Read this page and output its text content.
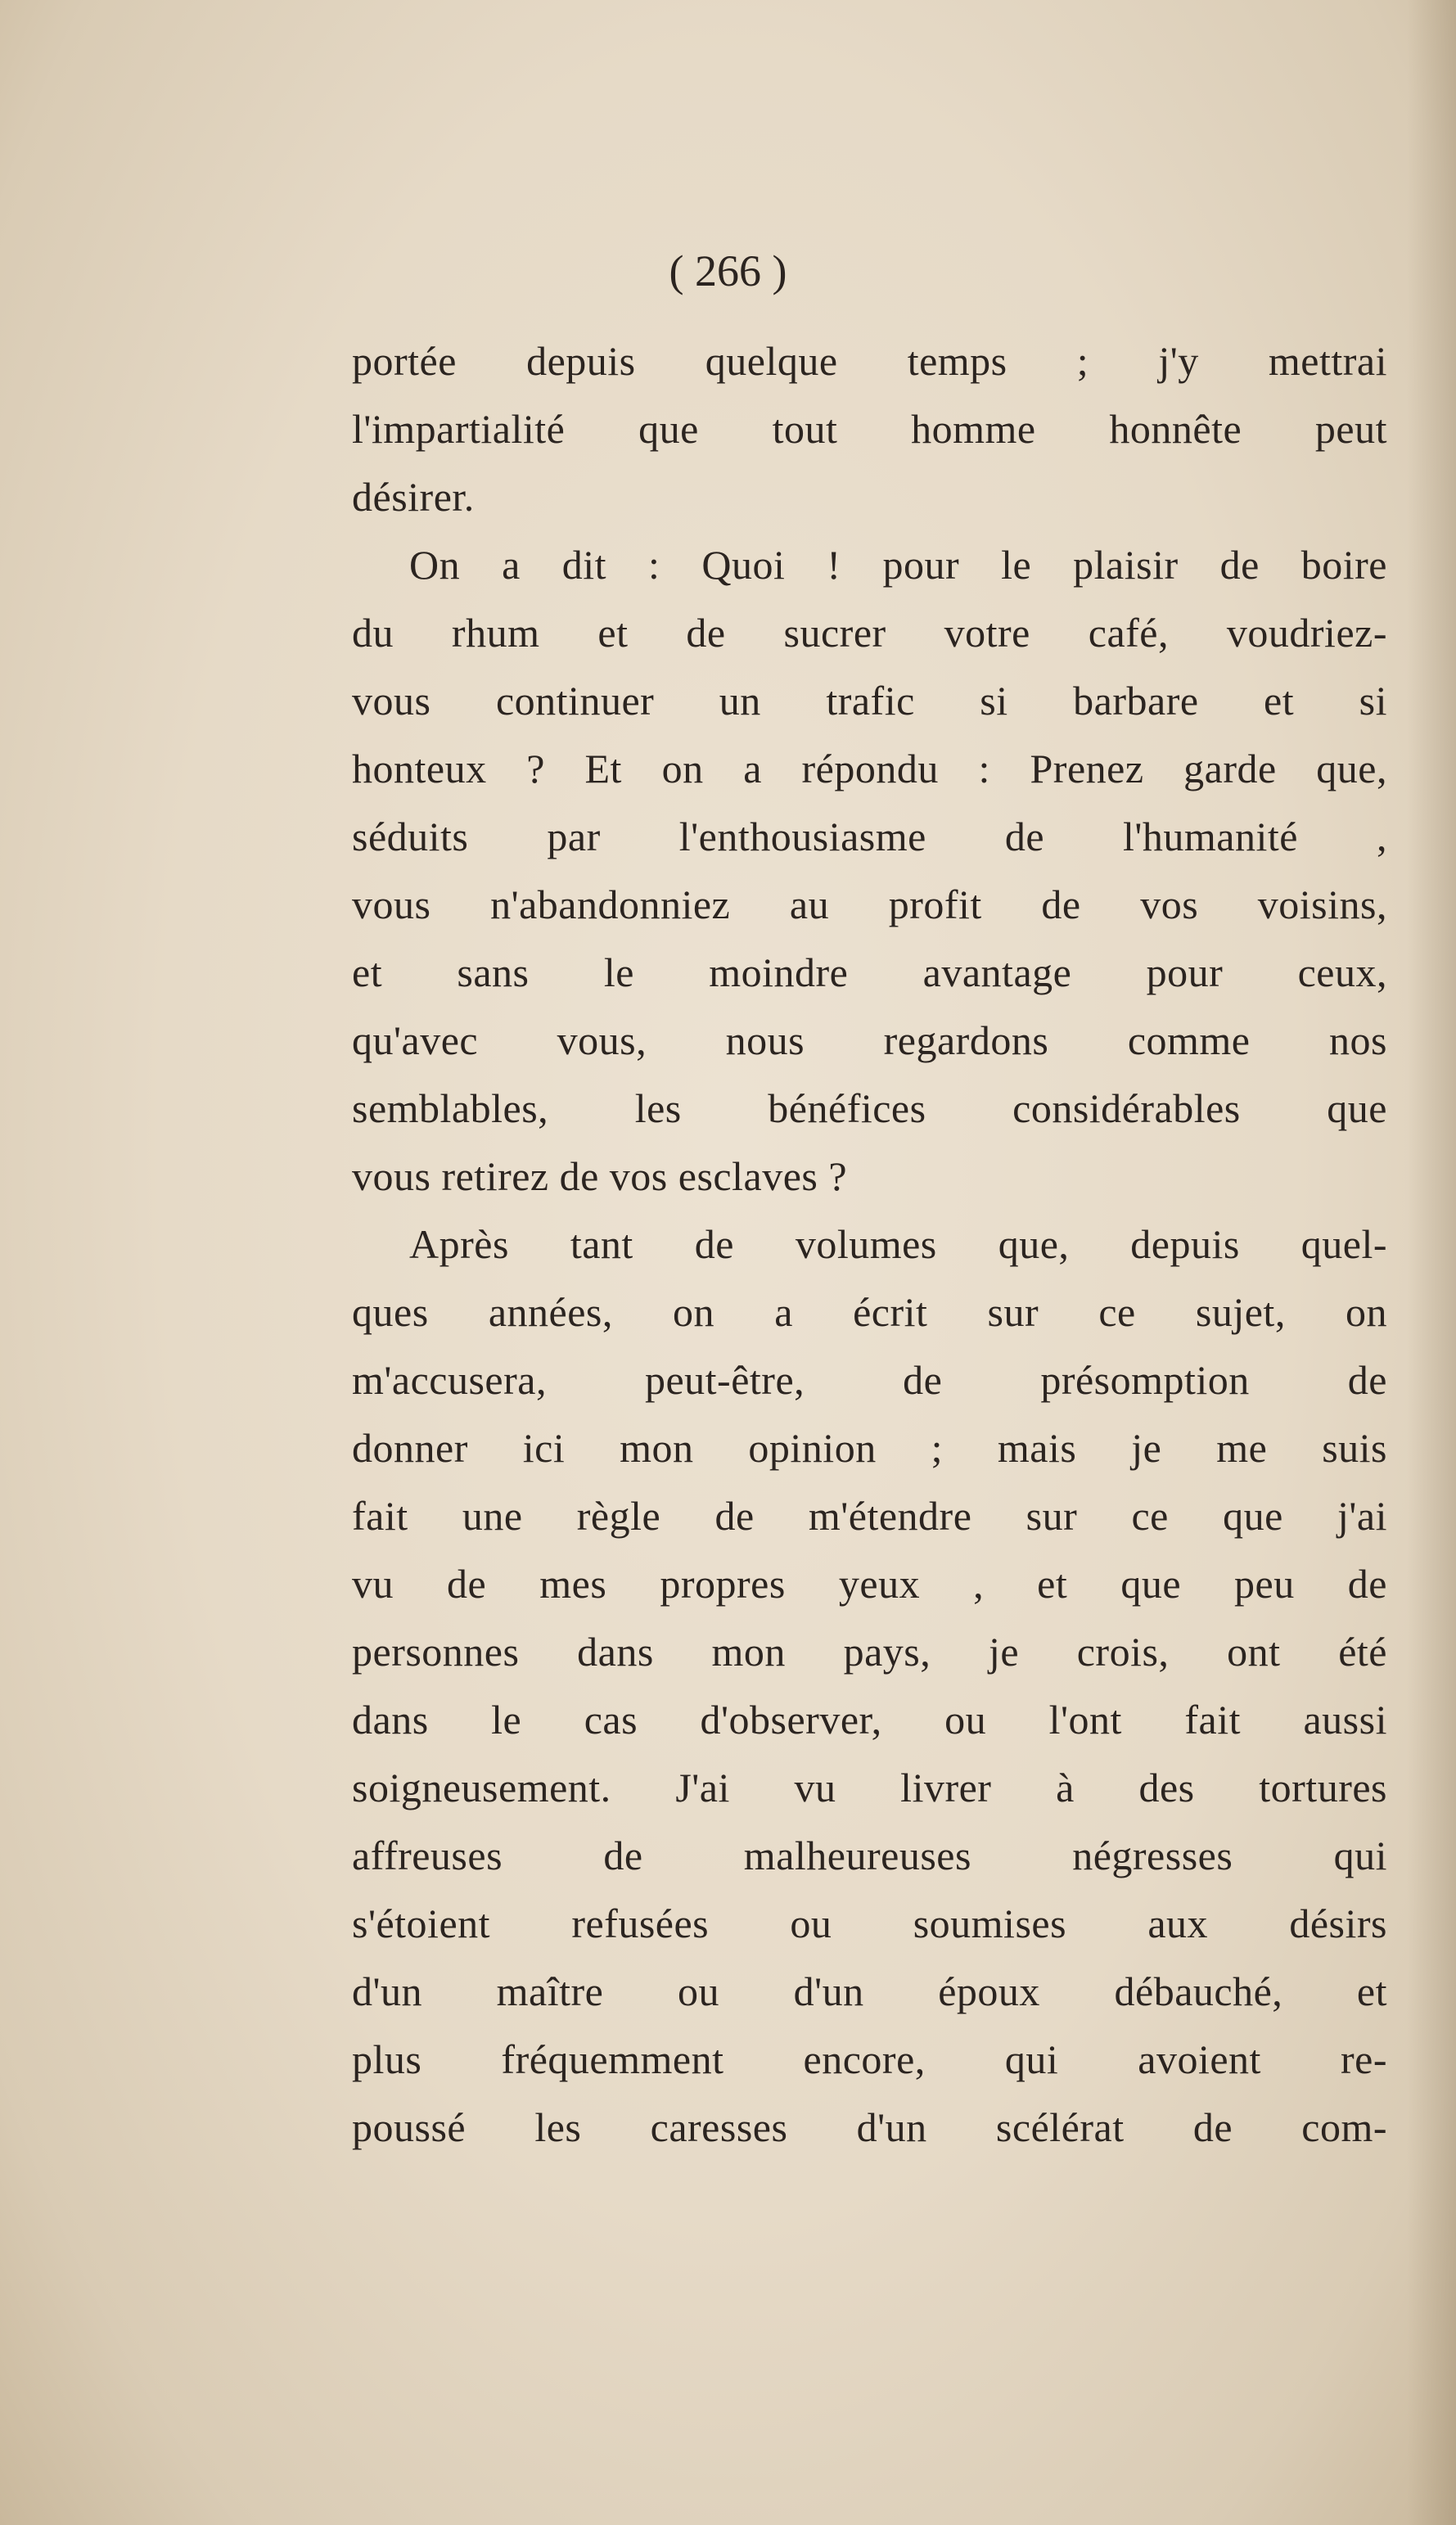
( 266 )
portée depuis quelque temps ; j'y mettrai
l'impartialité que tout homme honnête peut
désirer.
On a dit : Quoi ! pour le plaisir de boire
du rhum et de sucrer votre café, voudriez-
vous continuer un trafic si barbare et si
honteux ? Et on a répondu : Prenez garde que,
séduits par l'enthousiasme de l'humanité ,
vous n'abandonniez au profit de vos voisins,
et sans le moindre avantage pour ceux,
qu'avec vous, nous regardons comme nos
semblables, les bénéfices considérables que
vous retirez de vos esclaves ?
Après tant de volumes que, depuis quel-
ques années, on a écrit sur ce sujet, on
m'accusera, peut-être, de présomption de
donner ici mon opinion ; mais je me suis
fait une règle de m'étendre sur ce que j'ai
vu de mes propres yeux , et que peu de
personnes dans mon pays, je crois, ont été
dans le cas d'observer, ou l'ont fait aussi
soigneusement. J'ai vu livrer à des tortures
affreuses de malheureuses négresses qui
s'étoient refusées ou soumises aux désirs
d'un maître ou d'un époux débauché, et
plus fréquemment encore, qui avoient re-
poussé les caresses d'un scélérat de com-
